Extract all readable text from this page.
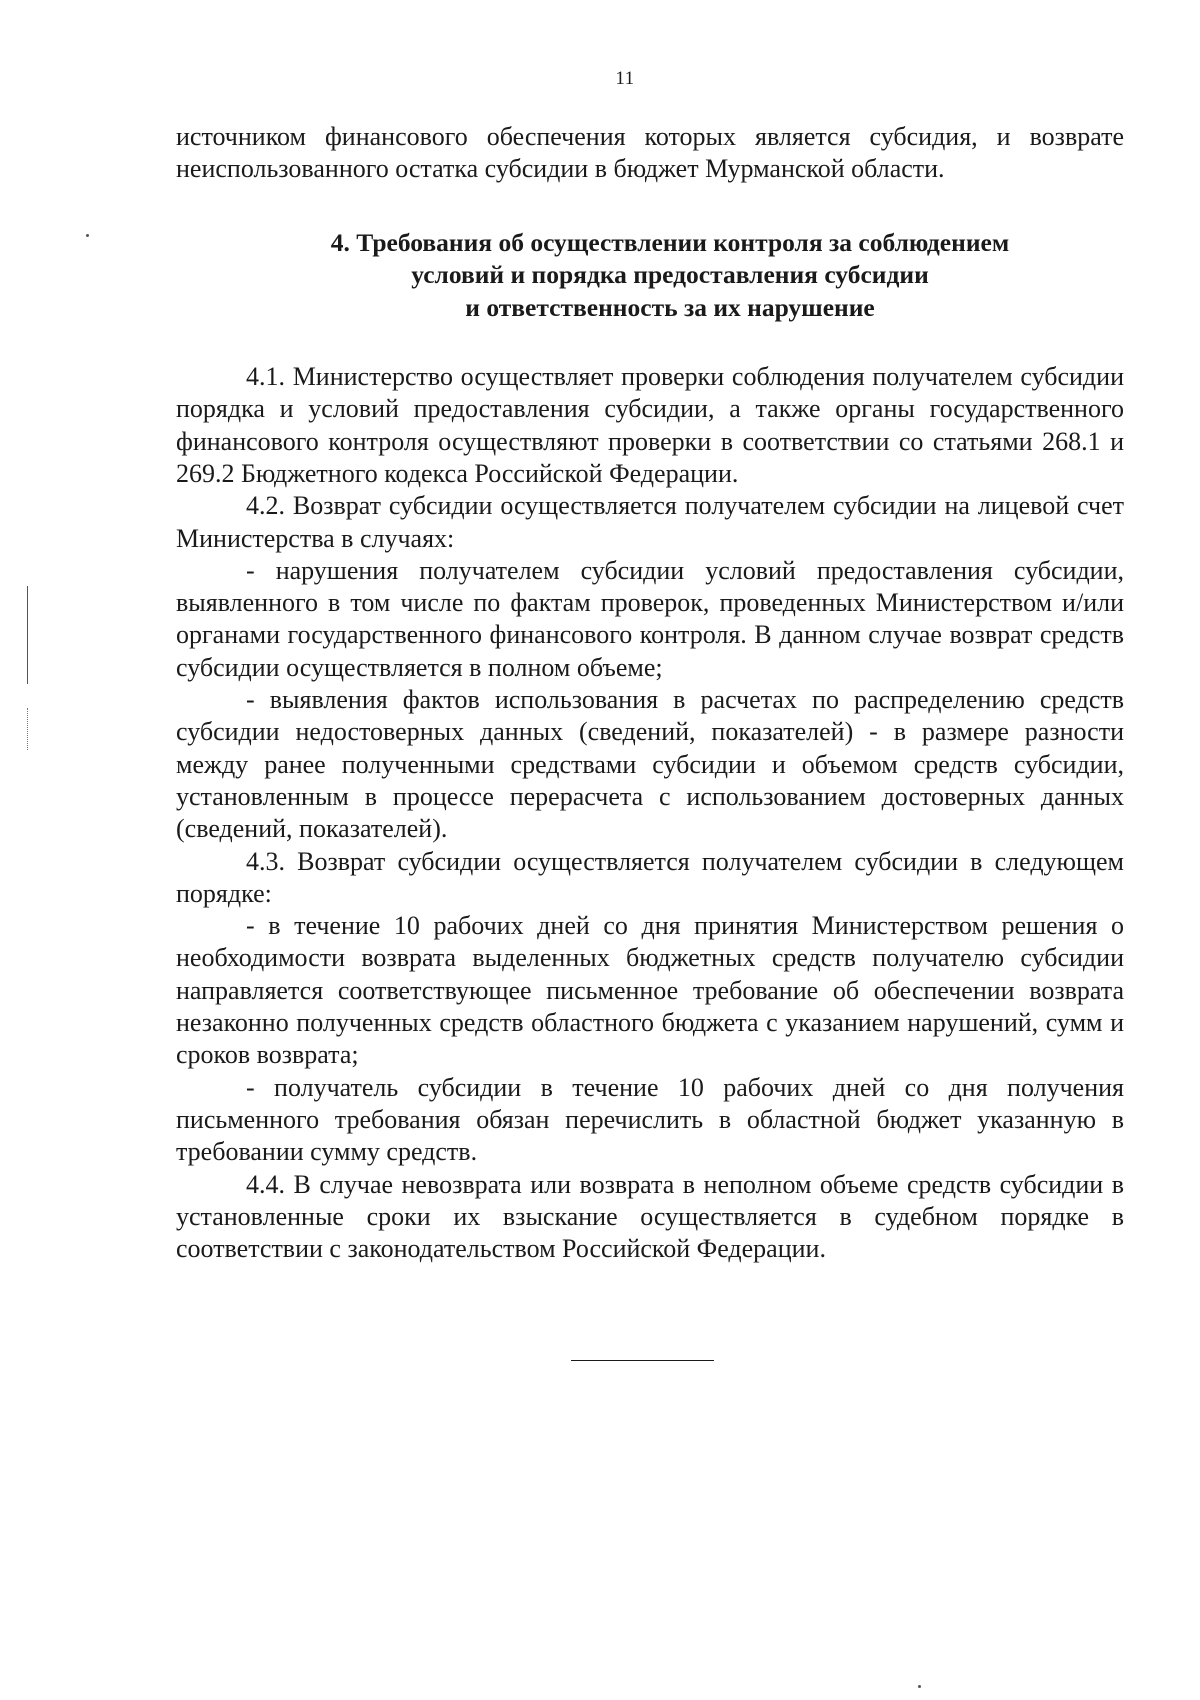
11

источником финансового обеспечения которых является субсидия, и возврате неиспользованного остатка субсидии в бюджет Мурманской области.

4. Требования об осуществлении контроля за соблюдением
условий и порядка предоставления субсидии
и ответственность за их нарушение

4.1. Министерство осуществляет проверки соблюдения получателем субсидии порядка и условий предоставления субсидии, а также органы государственного финансового контроля осуществляют проверки в соответствии со статьями 268.1 и 269.2 Бюджетного кодекса Российской Федерации.

4.2. Возврат субсидии осуществляется получателем субсидии на лицевой счет Министерства в случаях:

- нарушения получателем субсидии условий предоставления субсидии, выявленного в том числе по фактам проверок, проведенных Министерством и/или органами государственного финансового контроля. В данном случае возврат средств субсидии осуществляется в полном объеме;

- выявления фактов использования в расчетах по распределению средств субсидии недостоверных данных (сведений, показателей) - в размере разности между ранее полученными средствами субсидии и объемом средств субсидии, установленным в процессе перерасчета с использованием достоверных данных (сведений, показателей).

4.3. Возврат субсидии осуществляется получателем субсидии в следующем порядке:

- в течение 10 рабочих дней со дня принятия Министерством решения о необходимости возврата выделенных бюджетных средств получателю субсидии направляется соответствующее письменное требование об обеспечении возврата незаконно полученных средств областного бюджета с указанием нарушений, сумм и сроков возврата;

- получатель субсидии в течение 10 рабочих дней со дня получения письменного требования обязан перечислить в областной бюджет указанную в требовании сумму средств.

4.4. В случае невозврата или возврата в неполном объеме средств субсидии в установленные сроки их взыскание осуществляется в судебном порядке в соответствии с законодательством Российской Федерации.
